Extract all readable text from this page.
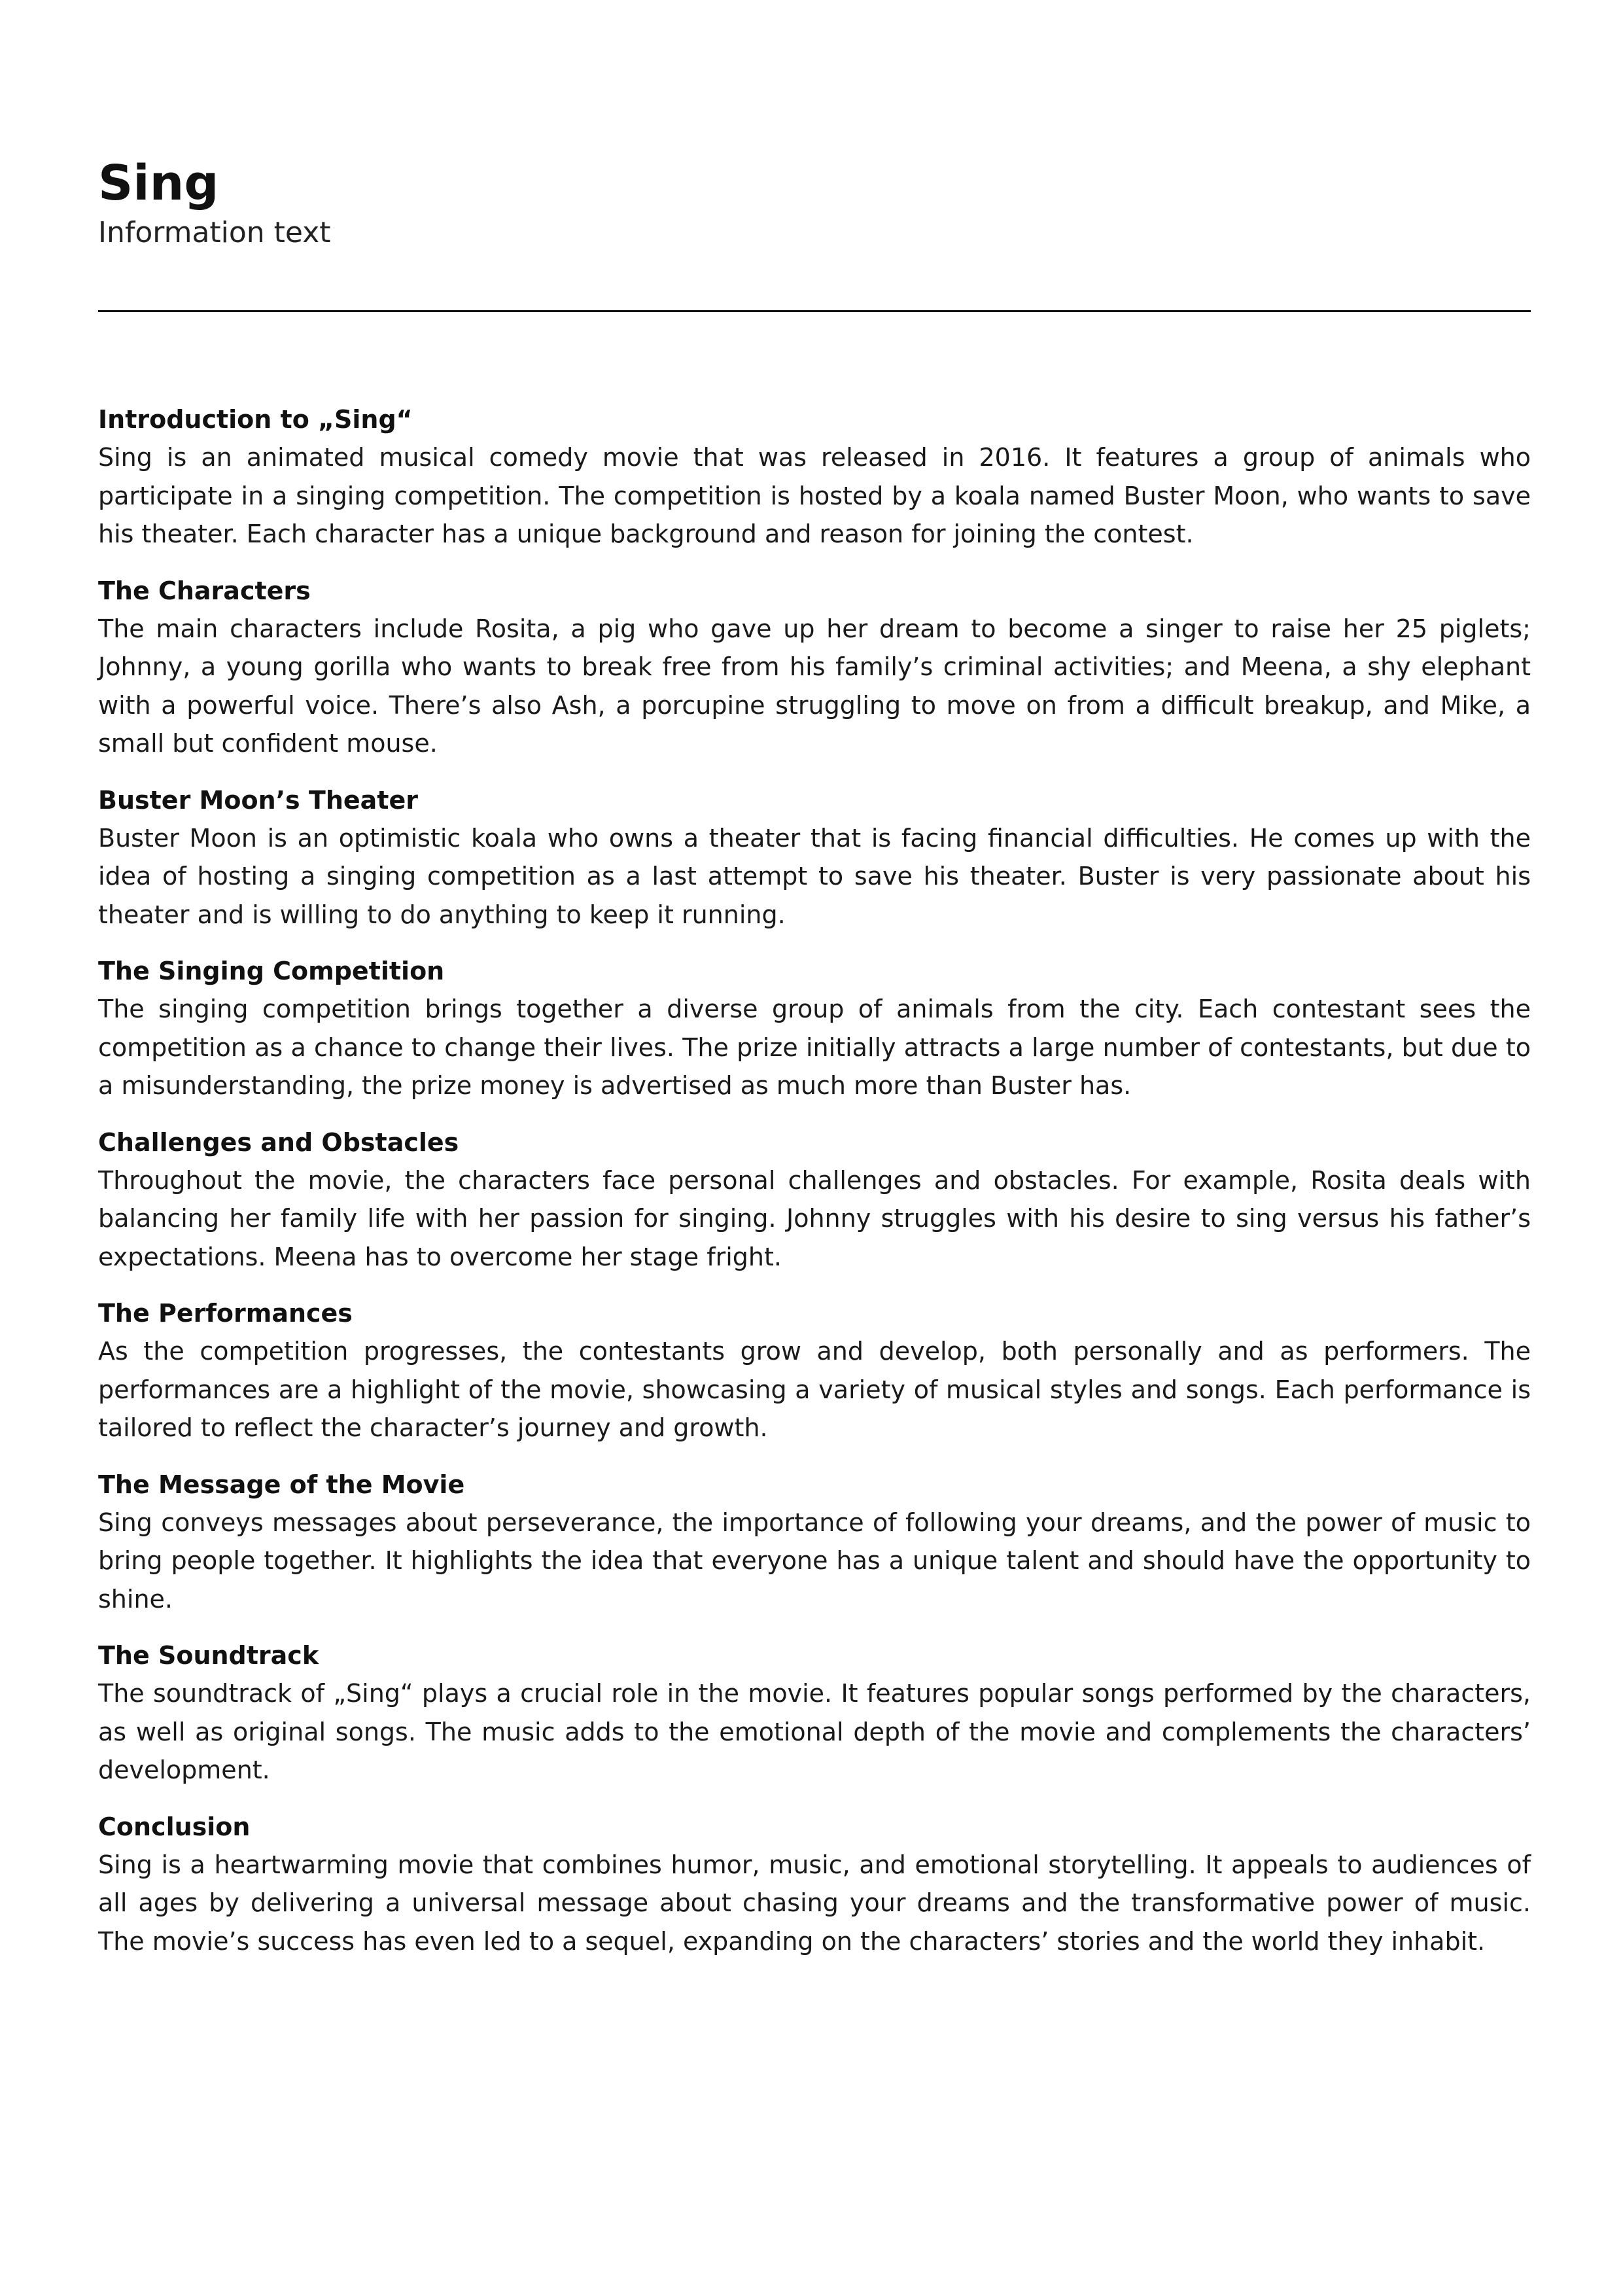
Sing
Information text

Introduction to „Sing“

Sing is an animated musical comedy movie that was released in 2016. It features a group of animals who participate in a singing competition. The competition is hosted by a koala named Buster Moon, who wants to save his theater. Each character has a unique background and reason for joining the contest.

The Characters

The main characters include Rosita, a pig who gave up her dream to become a singer to raise her 25 piglets; Johnny, a young gorilla who wants to break free from his family’s criminal activities; and Meena, a shy elephant with a powerful voice. There’s also Ash, a porcupine struggling to move on from a difficult breakup, and Mike, a small but confident mouse.

Buster Moon’s Theater

Buster Moon is an optimistic koala who owns a theater that is facing financial difficulties. He comes up with the idea of hosting a singing competition as a last attempt to save his theater. Buster is very passionate about his theater and is willing to do anything to keep it running.

The Singing Competition

The singing competition brings together a diverse group of animals from the city. Each contestant sees the competition as a chance to change their lives. The prize initially attracts a large number of contestants, but due to a misunderstanding, the prize money is advertised as much more than Buster has.

Challenges and Obstacles

Throughout the movie, the characters face personal challenges and obstacles. For example, Rosita deals with balancing her family life with her passion for singing. Johnny struggles with his desire to sing versus his father’s expectations. Meena has to overcome her stage fright.

The Performances

As the competition progresses, the contestants grow and develop, both personally and as performers. The performances are a highlight of the movie, showcasing a variety of musical styles and songs. Each performance is tailored to reflect the character’s journey and growth.

The Message of the Movie

Sing conveys messages about perseverance, the importance of following your dreams, and the power of music to bring people together. It highlights the idea that everyone has a unique talent and should have the opportunity to shine.

The Soundtrack

The soundtrack of „Sing“ plays a crucial role in the movie. It features popular songs performed by the characters, as well as original songs. The music adds to the emotional depth of the movie and complements the characters’ development.

Conclusion

Sing is a heartwarming movie that combines humor, music, and emotional storytelling. It appeals to audiences of all ages by delivering a universal message about chasing your dreams and the transformative power of music. The movie’s success has even led to a sequel, expanding on the characters’ stories and the world they inhabit.
